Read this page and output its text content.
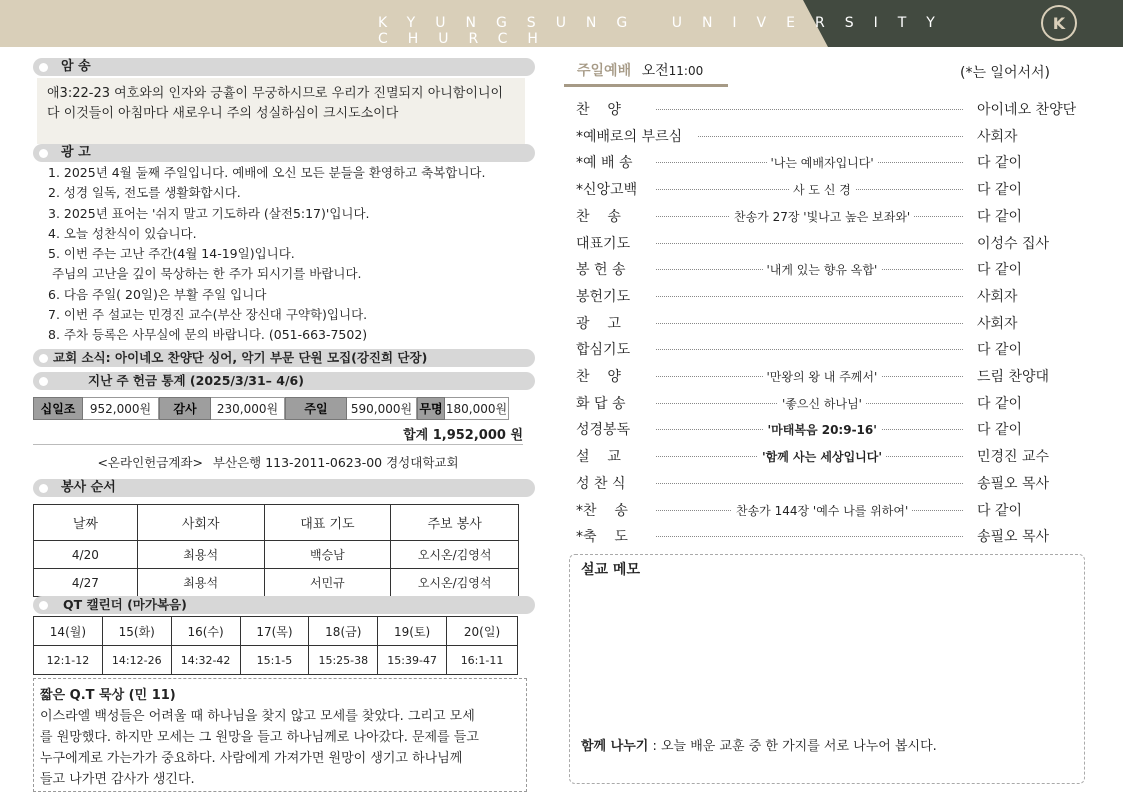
KYUNGSUNG UNIVERSITY CHURCH
K
암 송
애3:22-23 여호와의 인자와 긍휼이 무궁하시므로 우리가 진멸되지 아니함이니이다 이것들이 아침마다 새로우니 주의 성실하심이 크시도소이다
광 고
1. 2025년 4월 둘째 주일입니다. 예배에 오신 모든 분들을 환영하고 축복합니다.
2. 성경 일독, 전도를 생활화합시다.
3. 2025년 표어는 '쉬지 말고 기도하라 (살전5:17)'입니다.
4. 오늘 성찬식이 있습니다.
5. 이번 주는 고난 주간(4월 14-19일)입니다.
주님의 고난을 깊이 묵상하는 한 주가 되시기를 바랍니다.
6. 다음 주일( 20일)은 부활 주일 입니다
7. 이번 주 설교는 민경진 교수(부산 장신대 구약학)입니다.
8. 주차 등록은 사무실에 문의 바랍니다. (051-663-7502)
교회 소식: 아이네오 찬양단 싱어, 악기 부문 단원 모집(강진희 단장)
지난 주 헌금 통계 (2025/3/31– 4/6)
십일조	952,000원	감사	230,000원	주일	590,000원 무명 180,000원
합계 1,952,000 원
<온라인헌금계좌> 부산은행 113-2011-0623-00 경성대학교회
봉사 순서
날짜	사회자	대표 기도	주보 봉사
4/20	최용석	백승남	오시온/김영석
4/27	최용석	서민규	오시온/김영석
QT 캘린더 (마가복음)
14(월)	15(화)	16(수)	17(목)	18(금)	19(토)	20(일)
12:1-12	14:12-26	14:32-42	15:1-5	15:25-38	15:39-47	16:1-11
짧은 Q.T 묵상 (민 11)
이스라엘 백성들은 어려울 때 하나님을 찾지 않고 모세를 찾았다. 그리고 모세
를 원망했다. 하지만 모세는 그 원망을 들고 하나님께로 나아갔다. 문제를 들고
누구에게로 가는가가 중요하다. 사람에게 가져가면 원망이 생기고 하나님께
들고 나가면 감사가 생긴다.
주일예배 오전11:00	(*는 일어서서)
찬    양	아이네오 찬양단
*예배로의 부르심	사회자
*예 배 송	'나는 예배자입니다'	다 같이
*신앙고백	사 도 신 경	다 같이
찬    송	찬송가 27장 '빛나고 높은 보좌와'	다 같이
대표기도	이성수 집사
봉 헌 송	'내게 있는 향유 옥합'	다 같이
봉헌기도	사회자
광    고	사회자
합심기도	다 같이
찬    양	'만왕의 왕 내 주께서'	드림 찬양대
화 답 송	'좋으신 하나님'	다 같이
성경봉독	'마태복음 20:9-16'	다 같이
설    교	'함께 사는 세상입니다'	민경진 교수
성 찬 식	송필오 목사
*찬    송	찬송가 144장 '예수 나를 위하여'	다 같이
*축    도	송필오 목사
설교 메모
함께 나누기 : 오늘 배운 교훈 중 한 가지를 서로 나누어 봅시다.
